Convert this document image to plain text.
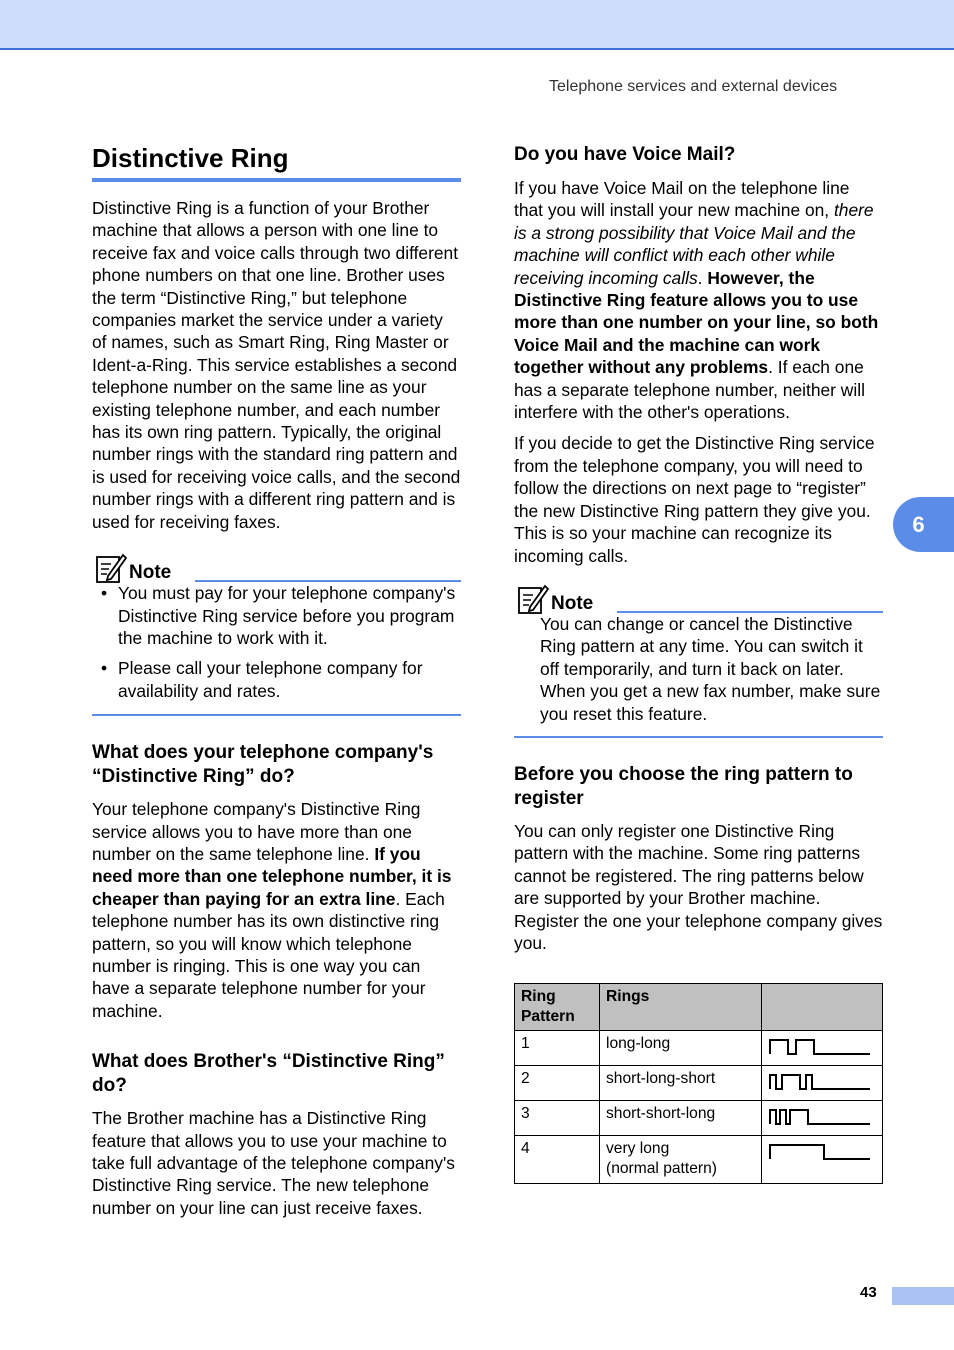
Telephone services and external devices
Distinctive Ring

Distinctive Ring is a function of your Brother machine that allows a person with one line to receive fax and voice calls through two different phone numbers on that one line. Brother uses the term “Distinctive Ring,” but telephone companies market the service under a variety of names, such as Smart Ring, Ring Master or Ident-a-Ring. This service establishes a second telephone number on the same line as your existing telephone number, and each number has its own ring pattern. Typically, the original number rings with the standard ring pattern and is used for receiving voice calls, and the second number rings with a different ring pattern and is used for receiving faxes.

Note
• You must pay for your telephone company's Distinctive Ring service before you program the machine to work with it.
• Please call your telephone company for availability and rates.
What does your telephone company's “Distinctive Ring” do?

Your telephone company's Distinctive Ring service allows you to have more than one number on the same telephone line. If you need more than one telephone number, it is cheaper than paying for an extra line. Each telephone number has its own distinctive ring pattern, so you will know which telephone number is ringing. This is one way you can have a separate telephone number for your machine.

What does Brother's “Distinctive Ring” do?

The Brother machine has a Distinctive Ring feature that allows you to use your machine to take full advantage of the telephone company's Distinctive Ring service. The new telephone number on your line can just receive faxes.

Do you have Voice Mail?

If you have Voice Mail on the telephone line that you will install your new machine on, there is a strong possibility that Voice Mail and the machine will conflict with each other while receiving incoming calls. However, the Distinctive Ring feature allows you to use more than one number on your line, so both Voice Mail and the machine can work together without any problems. If each one has a separate telephone number, neither will interfere with the other's operations.

If you decide to get the Distinctive Ring service from the telephone company, you will need to follow the directions on next page to “register” the new Distinctive Ring pattern they give you. This is so your machine can recognize its incoming calls.

Note

You can change or cancel the Distinctive Ring pattern at any time. You can switch it off temporarily, and turn it back on later. When you get a new fax number, make sure you reset this feature.

Before you choose the ring pattern to register

You can only register one Distinctive Ring pattern with the machine. Some ring patterns cannot be registered. The ring patterns below are supported by your Brother machine. Register the one your telephone company gives you.

Ring Pattern	Rings	
1	long-long	
2	short-long-short	
3	short-short-long	
4	very long
(normal pattern)	
6
43
